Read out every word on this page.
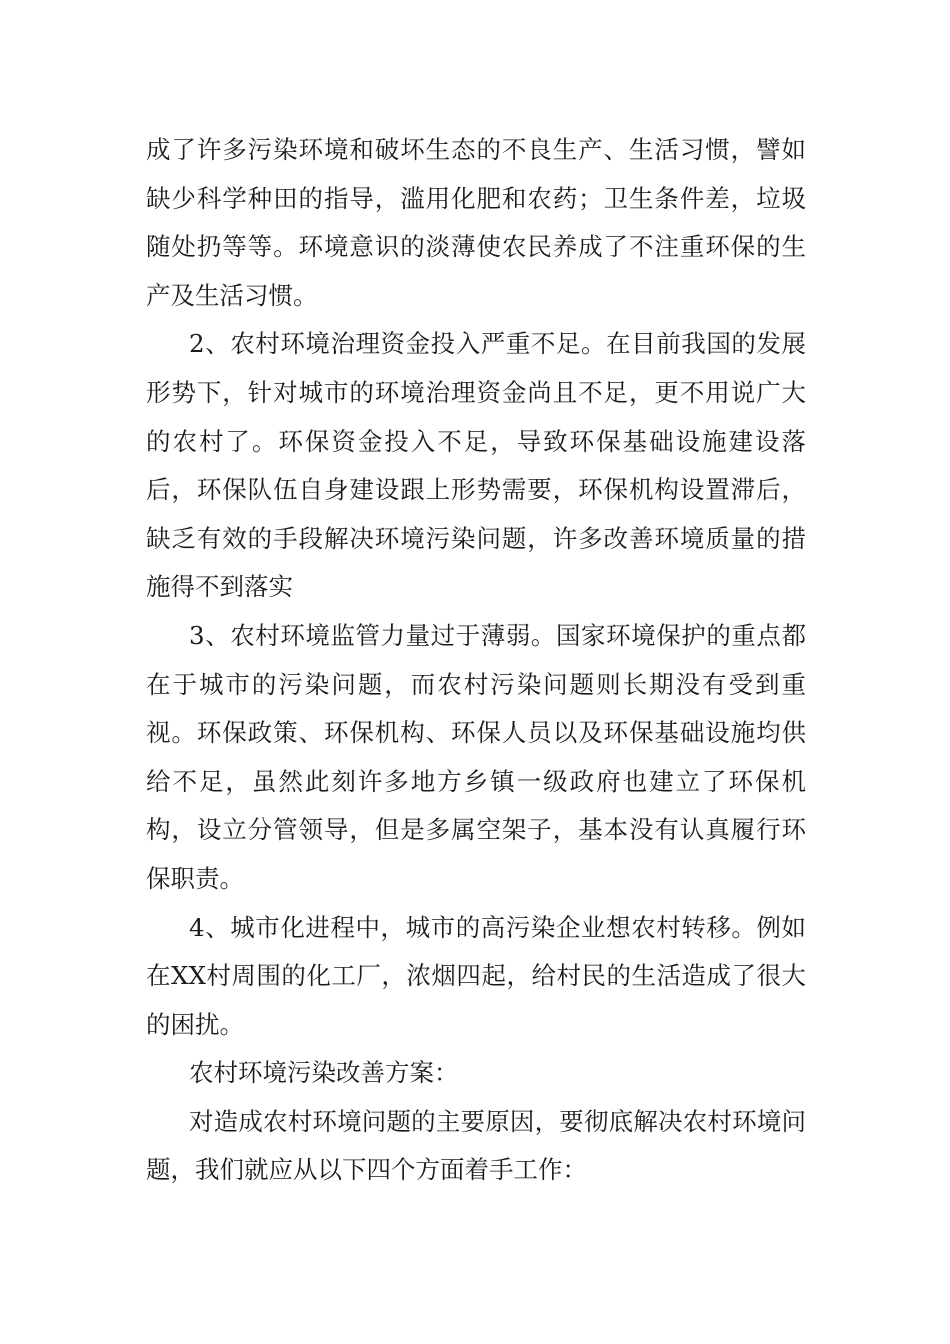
成了许多污染环境和破坏生态的不良生产、生活习惯，譬如缺少科学种田的指导，滥用化肥和农药；卫生条件差，垃圾随处扔等等。环境意识的淡薄使农民养成了不注重环保的生产及生活习惯。

2、农村环境治理资金投入严重不足。在目前我国的发展形势下，针对城市的环境治理资金尚且不足，更不用说广大的农村了。环保资金投入不足，导致环保基础设施建设落后，环保队伍自身建设跟上形势需要，环保机构设置滞后，缺乏有效的手段解决环境污染问题，许多改善环境质量的措施得不到落实

3、农村环境监管力量过于薄弱。国家环境保护的重点都在于城市的污染问题，而农村污染问题则长期没有受到重视。环保政策、环保机构、环保人员以及环保基础设施均供给不足，虽然此刻许多地方乡镇一级政府也建立了环保机构，设立分管领导，但是多属空架子，基本没有认真履行环保职责。

4、城市化进程中，城市的高污染企业想农村转移。例如在XX村周围的化工厂，浓烟四起，给村民的生活造成了很大的困扰。

农村环境污染改善方案：

对造成农村环境问题的主要原因，要彻底解决农村环境问题，我们就应从以下四个方面着手工作：
